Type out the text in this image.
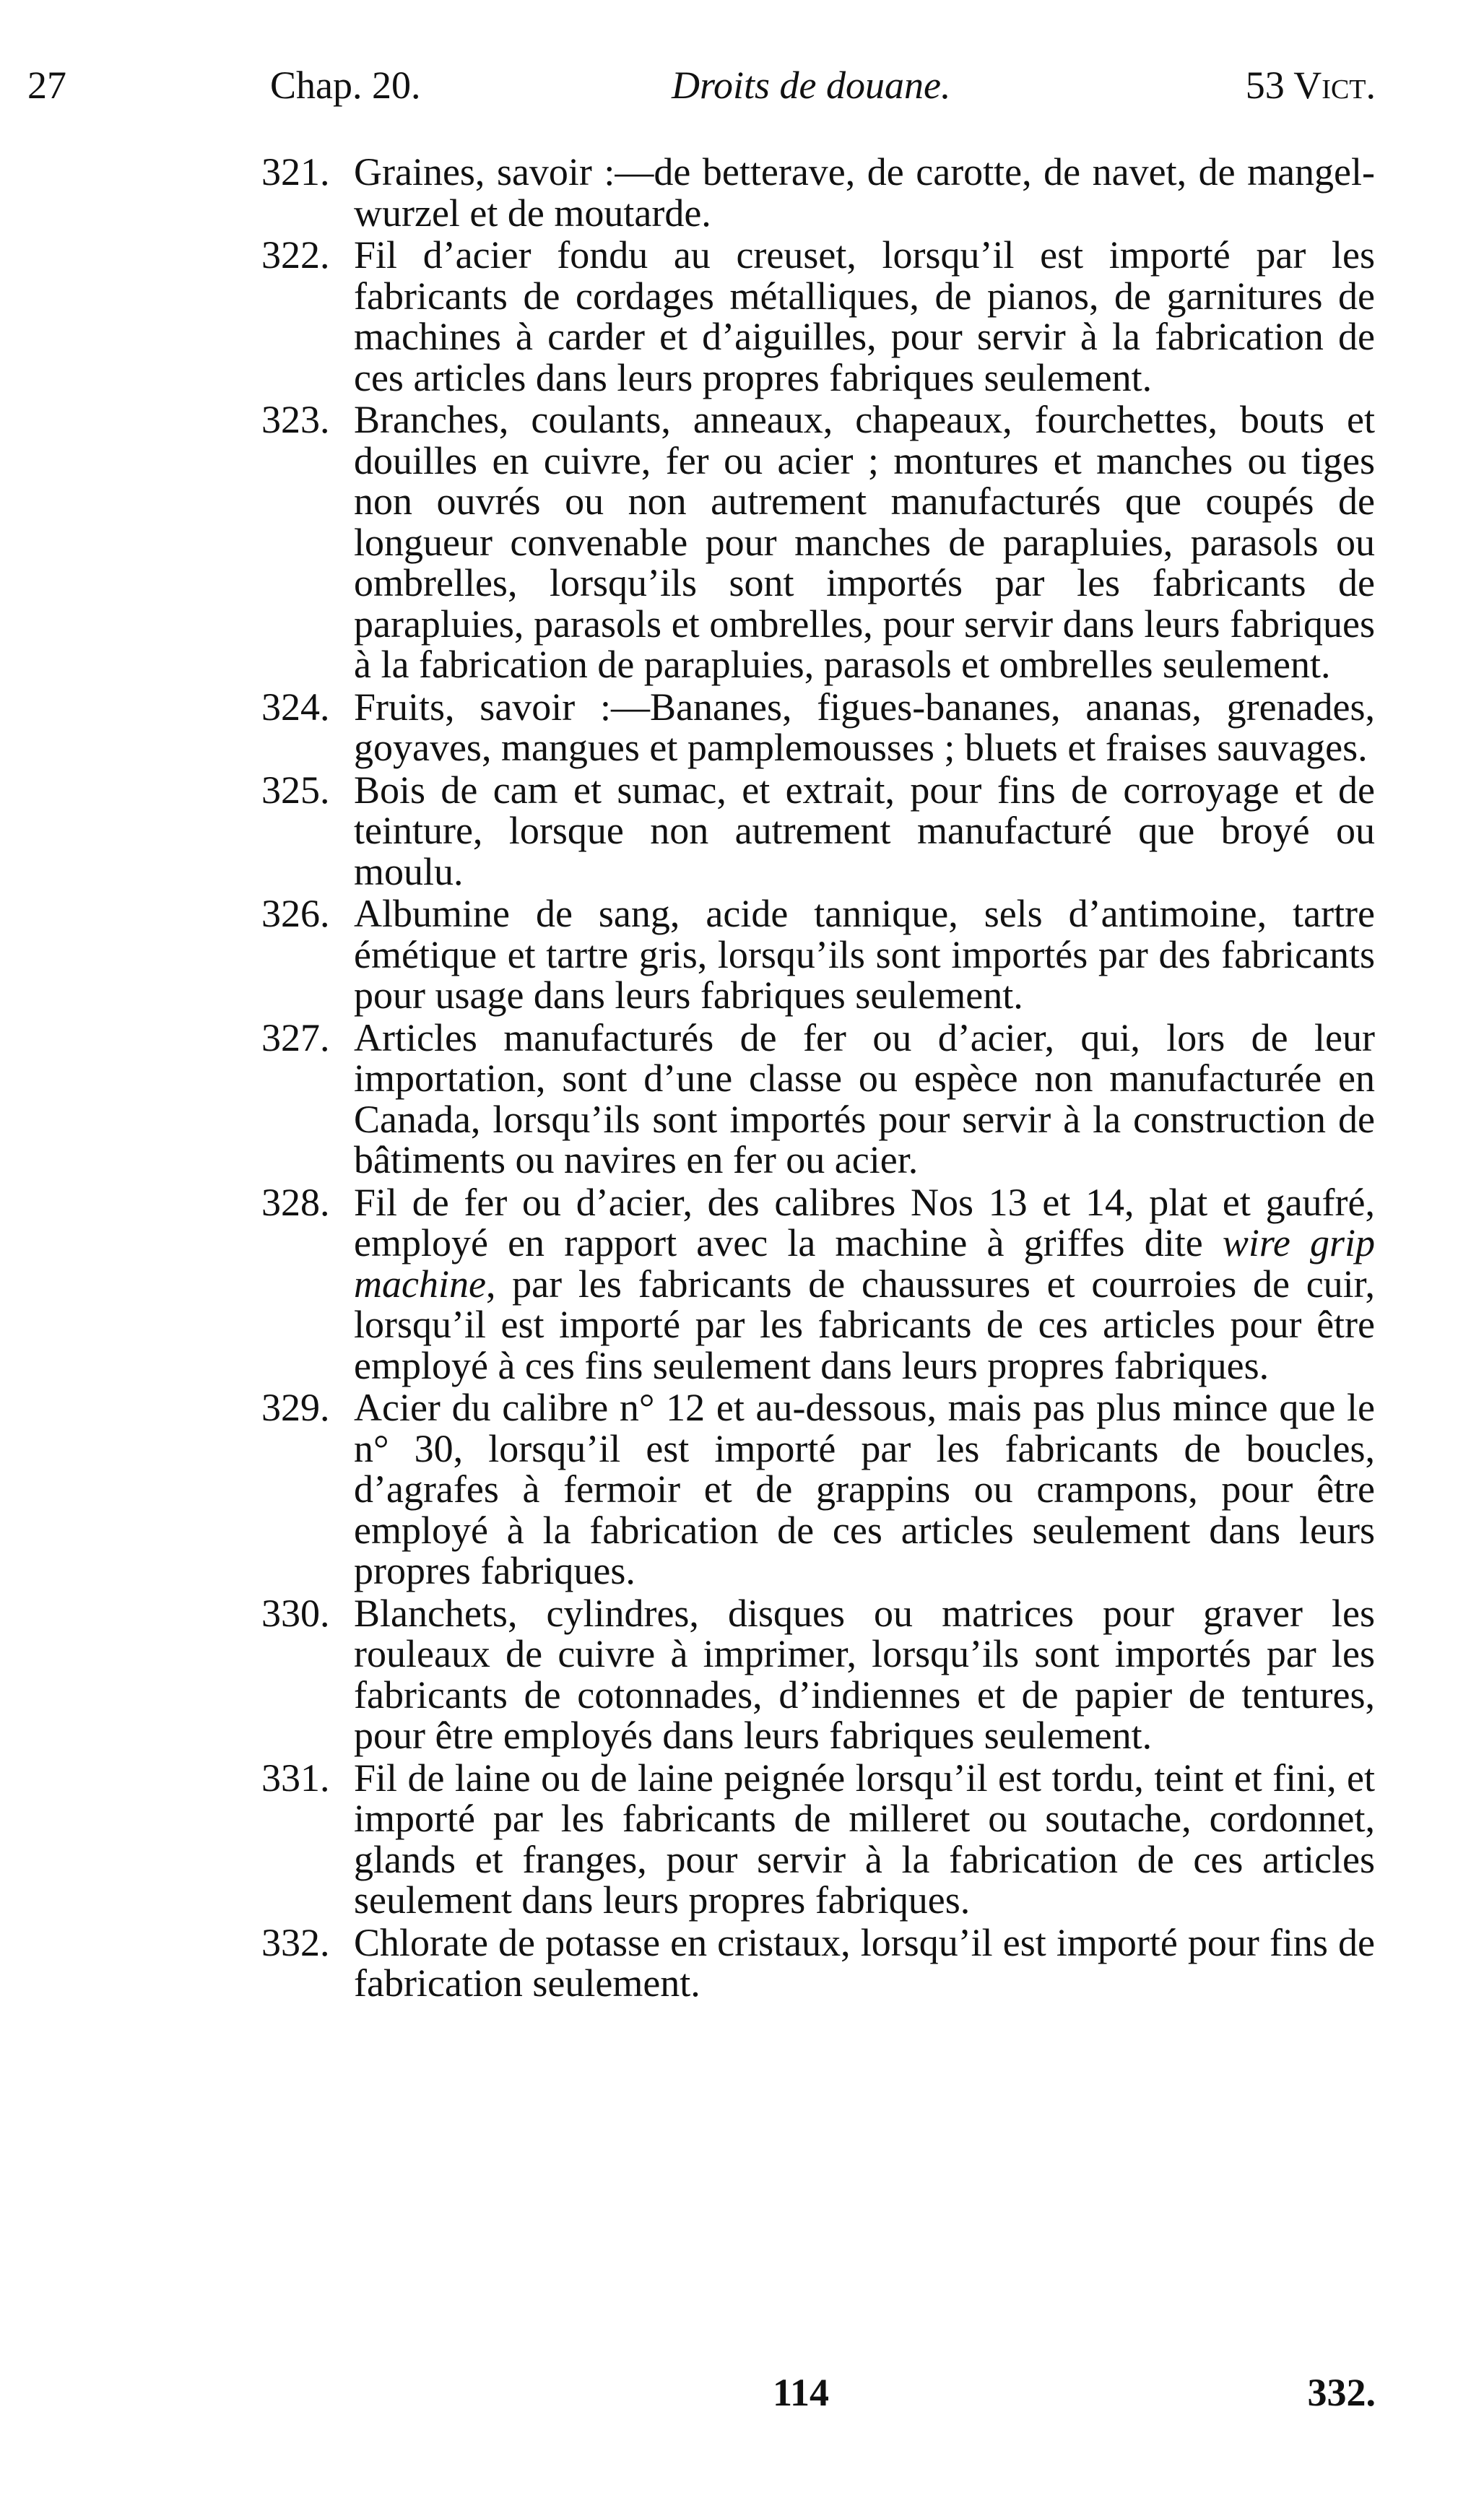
27	Chap. 20.	Droits de douane.	53 Vict.
321. Graines, savoir :—de betterave, de carotte, de navet, de mangel-wurzel et de moutarde.
322. Fil d’acier fondu au creuset, lorsqu’il est importé par les fabricants de cordages métalliques, de pianos, de garnitures de machines à carder et d’aiguilles, pour servir à la fabrication de ces articles dans leurs propres fabriques seulement.
323. Branches, coulants, anneaux, chapeaux, fourchettes, bouts et douilles en cuivre, fer ou acier ; montures et manches ou tiges non ouvrés ou non autrement manufacturés que coupés de longueur convenable pour manches de parapluies, parasols ou ombrelles, lorsqu’ils sont importés par les fabricants de parapluies, parasols et ombrelles, pour servir dans leurs fabriques à la fabrication de parapluies, parasols et ombrelles seulement.
324. Fruits, savoir :—Bananes, figues-bananes, ananas, grenades, goyaves, mangues et pamplemousses ; bluets et fraises sauvages.
325. Bois de cam et sumac, et extrait, pour fins de corroyage et de teinture, lorsque non autrement manufacturé que broyé ou moulu.
326. Albumine de sang, acide tannique, sels d’antimoine, tartre émétique et tartre gris, lorsqu’ils sont importés par des fabricants pour usage dans leurs fabriques seulement.
327. Articles manufacturés de fer ou d’acier, qui, lors de leur importation, sont d’une classe ou espèce non manufacturée en Canada, lorsqu’ils sont importés pour servir à la construction de bâtiments ou navires en fer ou acier.
328. Fil de fer ou d’acier, des calibres Nos 13 et 14, plat et gaufré, employé en rapport avec la machine à griffes dite wire grip machine, par les fabricants de chaussures et courroies de cuir, lorsqu’il est importé par les fabricants de ces articles pour être employé à ces fins seulement dans leurs propres fabriques.
329. Acier du calibre n° 12 et au-dessous, mais pas plus mince que le n° 30, lorsqu’il est importé par les fabricants de boucles, d’agrafes à fermoir et de grappins ou crampons, pour être employé à la fabrication de ces articles seulement dans leurs propres fabriques.
330. Blanchets, cylindres, disques ou matrices pour graver les rouleaux de cuivre à imprimer, lorsqu’ils sont importés par les fabricants de cotonnades, d’indiennes et de papier de tentures, pour être employés dans leurs fabriques seulement.
331. Fil de laine ou de laine peignée lorsqu’il est tordu, teint et fini, et importé par les fabricants de milleret ou soutache, cordonnet, glands et franges, pour servir à la fabrication de ces articles seulement dans leurs propres fabriques.
332. Chlorate de potasse en cristaux, lorsqu’il est importé pour fins de fabrication seulement.
114	332.
